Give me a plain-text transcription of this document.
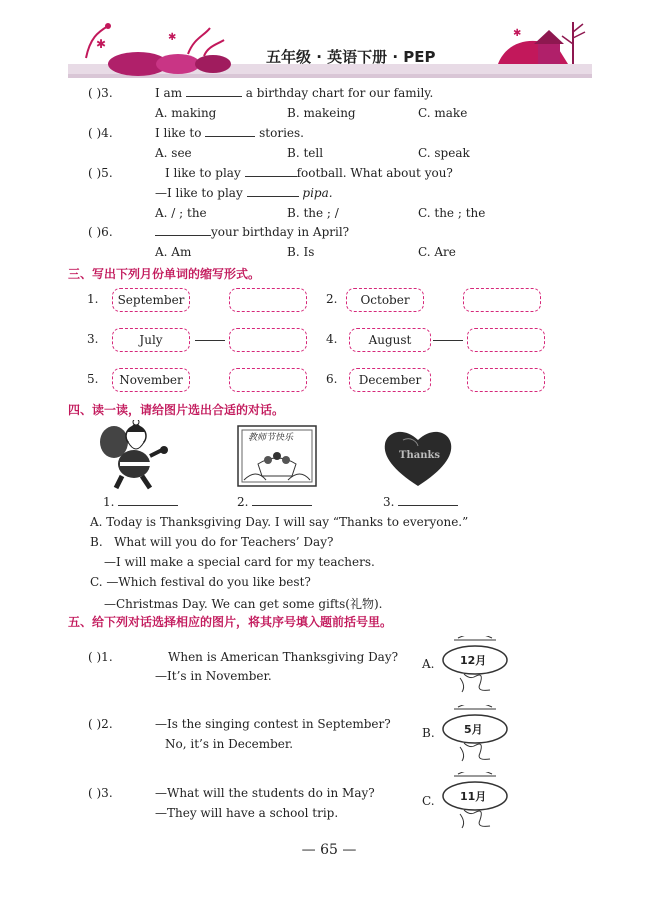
✱	✱	✱
五年级 · 英语下册 · PEP
( )3.	I am	a birthday chart for our family.
A. making	B. makeing	C. make
( )4.	I like to	stories.
A. see	B. tell	C. speak
( )5.	I like to play	football. What about you?
—I like to play	pipa.
A. / ; the	B. the ; /	C. the ; the
( )6.	your birthday in April?
A. Am	B. Is	C. Are
三、写出下列月份单词的缩写形式。
1.	September	2.	October
3.	July	4.	August
5.	November	6.	December
四、读一读，请给图片选出合适的对话。
教师节快乐
Thanks
1.	2.	3.
A. Today is Thanksgiving Day. I will say “Thanks to everyone.”
B.   What will you do for Teachers’ Day?
—I will make a special card for my teachers.
C. —Which festival do you like best?
—Christmas Day. We can get some gifts(礼物).
五、给下列对话选择相应的图片，将其序号填入题前括号里。
( )1.	When is American Thanksgiving Day?
—It’s in November.
( )2.	—Is the singing contest in September?
No, it’s in December.
( )3.	—What will the students do in May?
—They will have a school trip.
A. 12月
B.	5月
C. 11月
— 65 —
